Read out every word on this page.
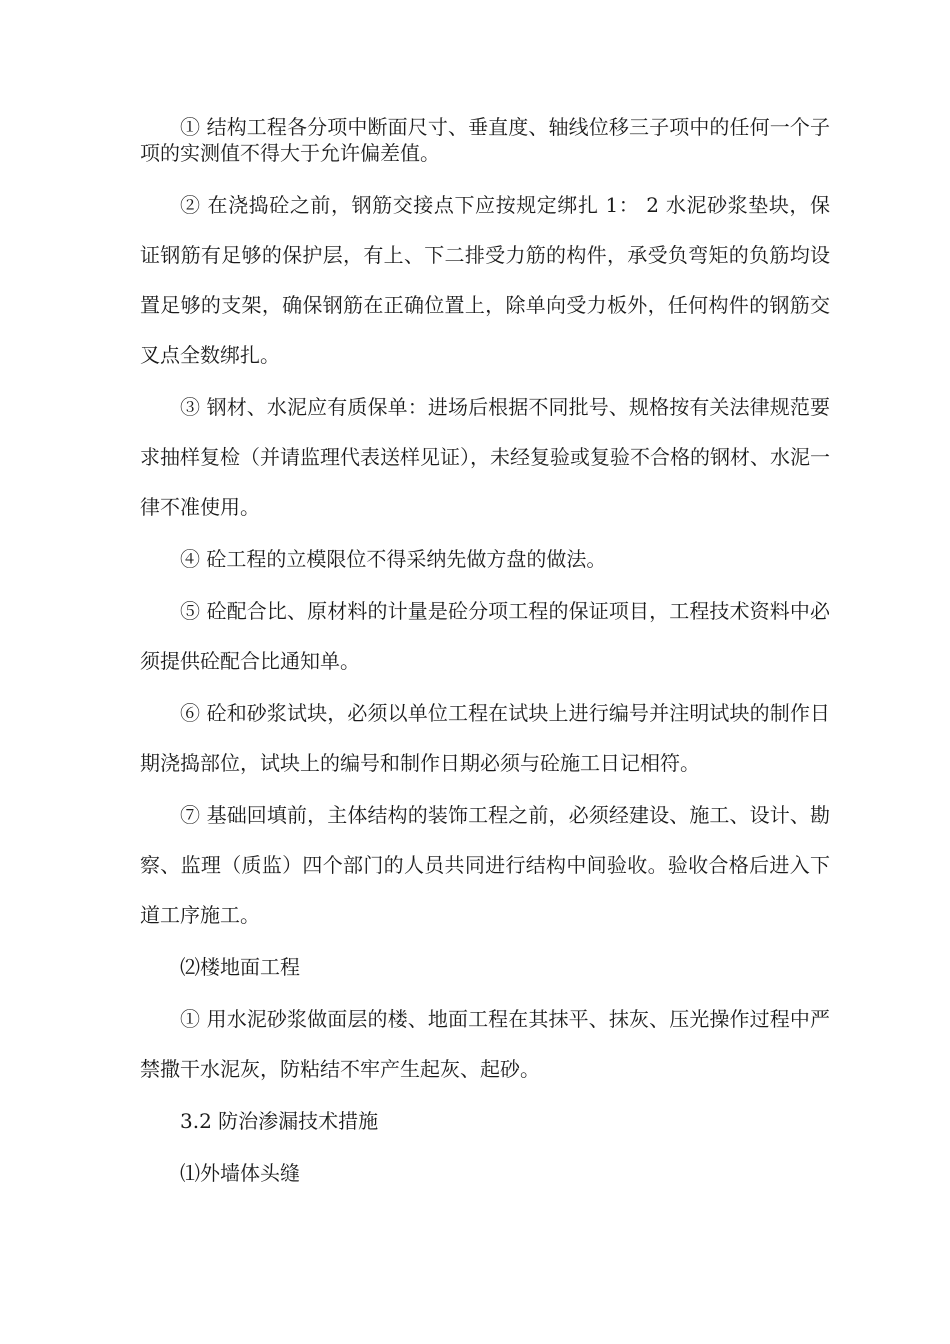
① 结构工程各分项中断面尺寸、垂直度、轴线位移三子项中的任何一个子项的实测值不得大于允许偏差值。

② 在浇捣砼之前，钢筋交接点下应按规定绑扎 1： 2 水泥砂浆垫块，保证钢筋有足够的保护层，有上、下二排受力筋的构件，承受负弯矩的负筋均设置足够的支架，确保钢筋在正确位置上，除单向受力板外，任何构件的钢筋交叉点全数绑扎。

③ 钢材、水泥应有质保单：进场后根据不同批号、规格按有关法律规范要求抽样复检（并请监理代表送样见证），未经复验或复验不合格的钢材、水泥一律不准使用。

④ 砼工程的立模限位不得采纳先做方盘的做法。

⑤ 砼配合比、原材料的计量是砼分项工程的保证项目，工程技术资料中必须提供砼配合比通知单。

⑥ 砼和砂浆试块，必须以单位工程在试块上进行编号并注明试块的制作日期浇捣部位，试块上的编号和制作日期必须与砼施工日记相符。

⑦ 基础回填前，主体结构的装饰工程之前，必须经建设、施工、设计、勘察、监理（质监）四个部门的人员共同进行结构中间验收。验收合格后进入下道工序施工。

⑵楼地面工程

① 用水泥砂浆做面层的楼、地面工程在其抹平、抹灰、压光操作过程中严禁撒干水泥灰，防粘结不牢产生起灰、起砂。

3.2 防治渗漏技术措施

⑴外墙体头缝
